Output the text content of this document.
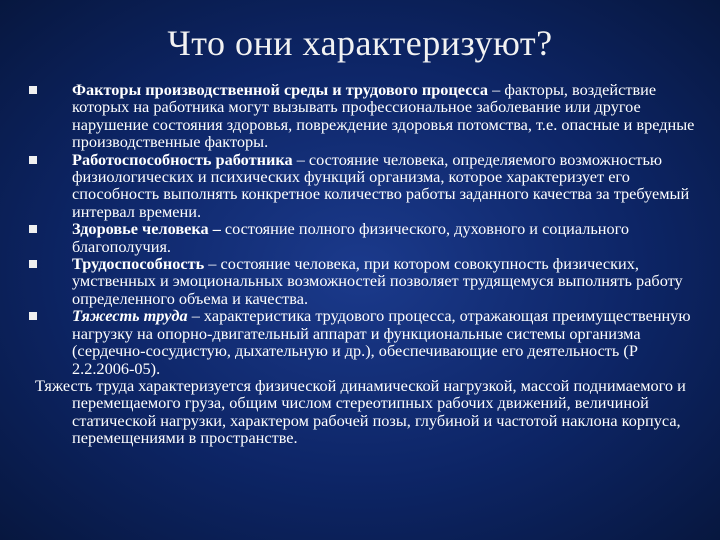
Что они характеризуют?
Факторы производственной среды и трудового процесса – факторы, воздействие которых на работника могут вызывать профессиональное заболевание или другое нарушение состояния здоровья, повреждение здоровья потомства, т.е. опасные и вредные производственные факторы.
Работоспособность работника – состояние человека, определяемого возможностью физиологических и психических функций организма, которое характеризует его способность выполнять конкретное количество работы заданного качества за требуемый интервал времени.
Здоровье человека – состояние полного физического, духовного и социального благополучия.
Трудоспособность – состояние человека, при котором совокупность физических, умственных и эмоциональных возможностей позволяет трудящемуся выполнять работу определенного объема и качества.
Тяжесть труда – характеристика трудового процесса, отражающая преимущественную нагрузку на опорно-двигательный аппарат и функциональные системы организма (сердечно-сосудистую, дыхательную и др.), обеспечивающие его деятельность (Р 2.2.2006-05).
Тяжесть труда характеризуется физической динамической нагрузкой, массой поднимаемого и перемещаемого груза, общим числом стереотипных рабочих движений, величиной статической нагрузки, характером рабочей позы, глубиной и частотой наклона корпуса, перемещениями в пространстве.
